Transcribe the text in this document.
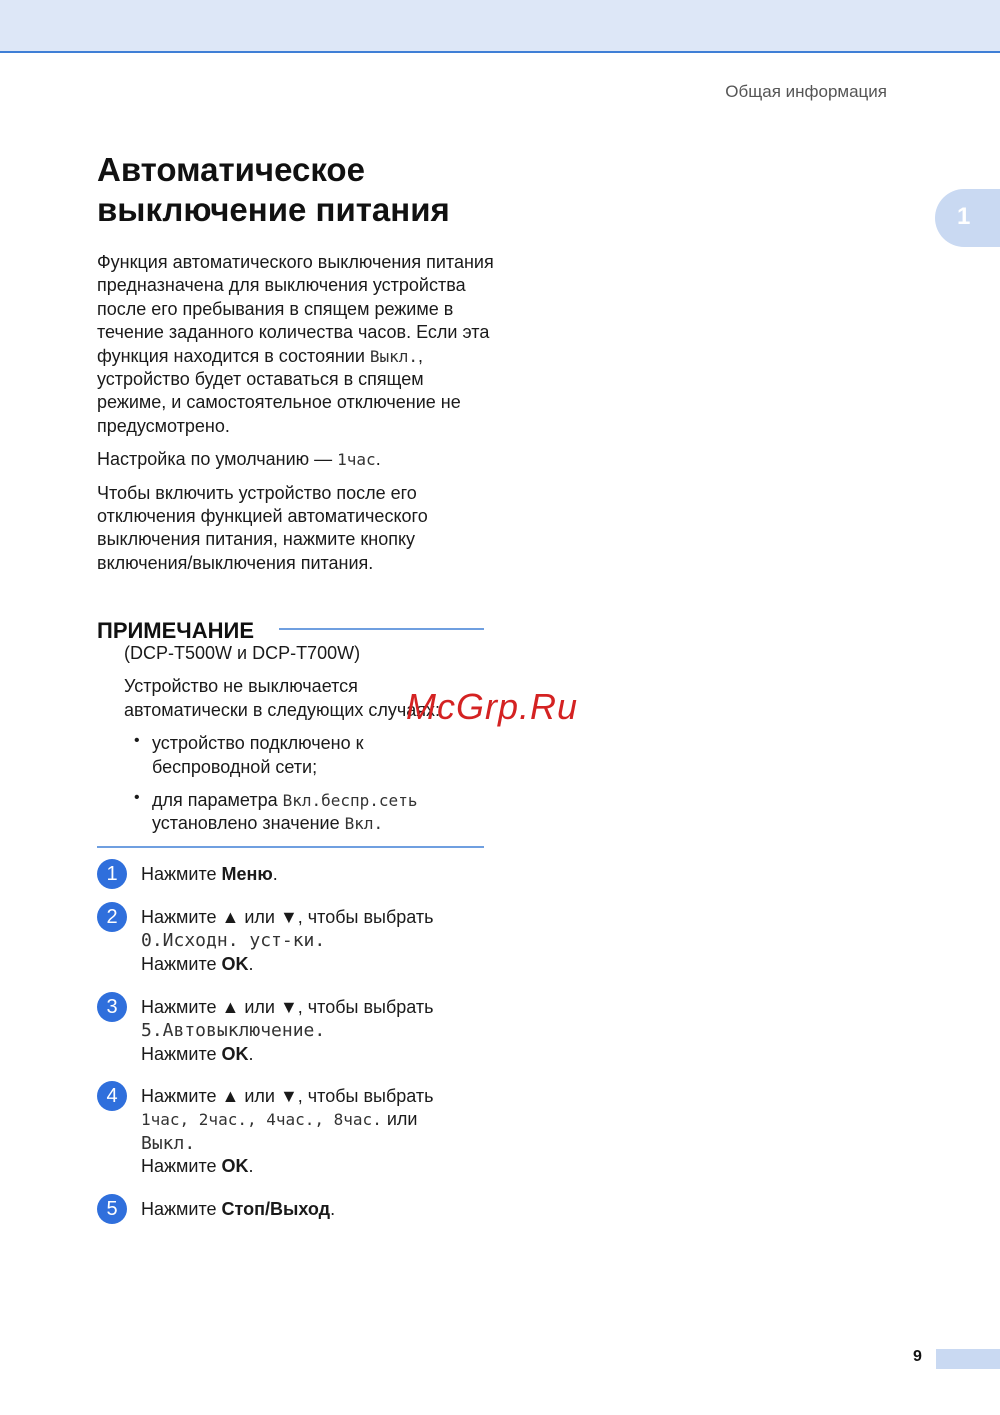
Общая информация
1
Автоматическое
выключение питания

Функция автоматического выключения питания предназначена для выключения устройства после его пребывания в спящем режиме в течение заданного количества часов. Если эта функция находится в состоянии Выкл., устройство будет оставаться в спящем режиме, и самостоятельное отключение не предусмотрено.

Настройка по умолчанию — 1час.

Чтобы включить устройство после его отключения функцией автоматического выключения питания, нажмите кнопку включения/выключения питания.

ПРИМЕЧАНИЕ

(DCP-T500W и DCP-T700W)

Устройство не выключается автоматически в следующих случаях:

• устройство подключено к беспроводной сети;

• для параметра Вкл.беспр.сеть установлено значение Вкл.

1	Нажмите Меню.

2	Нажмите ▲ или ▼, чтобы выбрать

0.Исходн. уст-ки.

Нажмите OK.

3	Нажмите ▲ или ▼, чтобы выбрать

5.Автовыключение.

Нажмите OK.

4	Нажмите ▲ или ▼, чтобы выбрать

1час, 2час., 4час., 8час. или

Выкл.

Нажмите OK.

5	Нажмите Стоп/Выход.

McGrp.Ru
9
